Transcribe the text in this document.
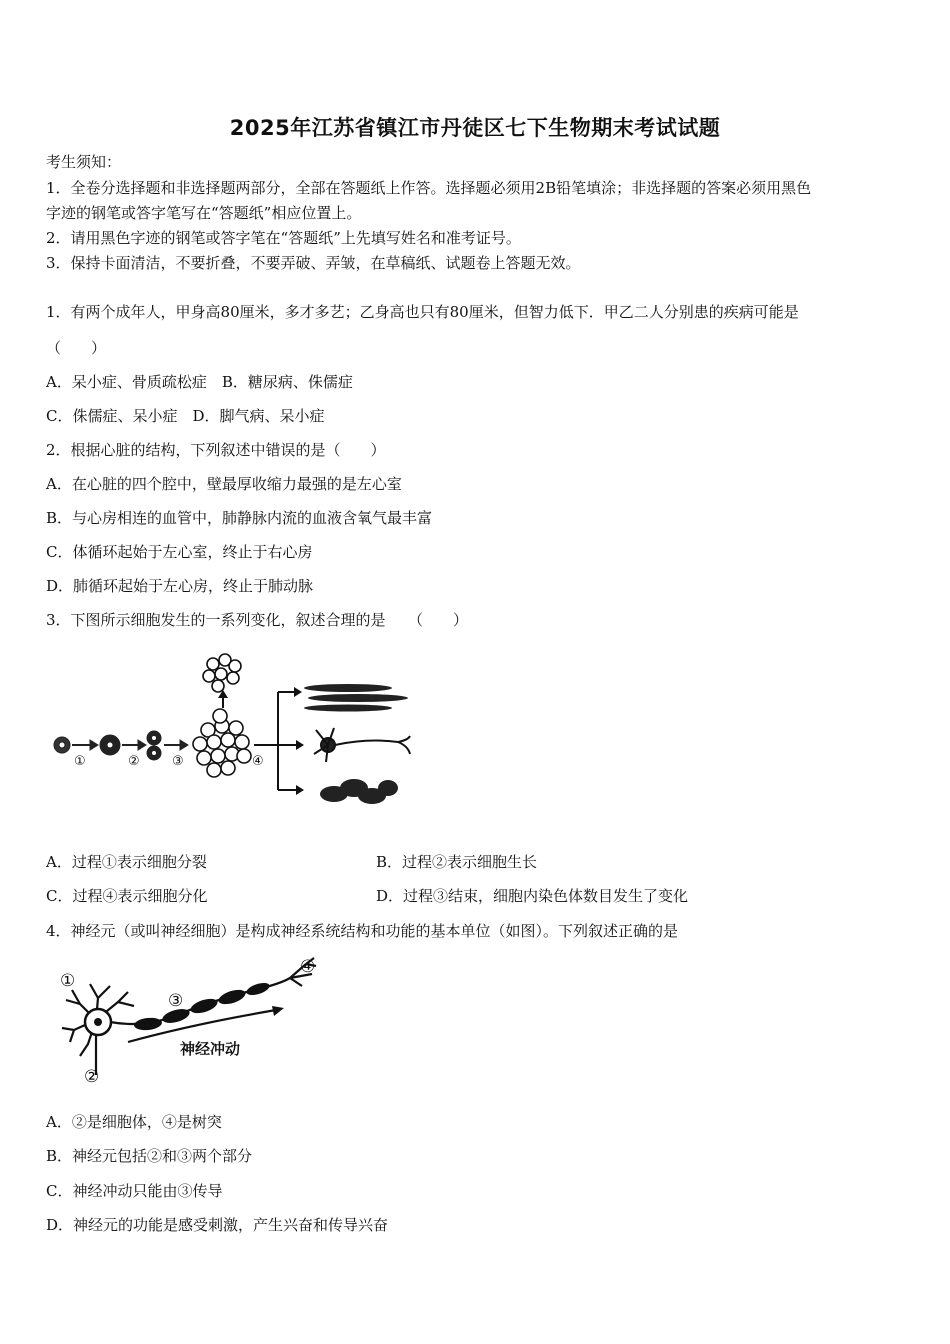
2025年江苏省镇江市丹徒区七下生物期末考试试题
考生须知：
1．全卷分选择题和非选择题两部分，全部在答题纸上作答。选择题必须用2B铅笔填涂；非选择题的答案必须用黑色
字迹的钢笔或答字笔写在“答题纸”相应位置上。
2．请用黑色字迹的钢笔或答字笔在“答题纸”上先填写姓名和准考证号。
3．保持卡面清洁，不要折叠，不要弄破、弄皱，在草稿纸、试题卷上答题无效。
1．有两个成年人，甲身高80厘米，多才多艺；乙身高也只有80厘米，但智力低下．甲乙二人分别患的疾病可能是
（　　）
A．呆小症、骨质疏松症　B．糖尿病、侏儒症
C．侏儒症、呆小症　D．脚气病、呆小症
2．根据心脏的结构，下列叙述中错误的是（　　）
A．在心脏的四个腔中，壁最厚收缩力最强的是左心室
B．与心房相连的血管中，肺静脉内流的血液含氧气最丰富
C．体循环起始于左心室，终止于右心房
D．肺循环起始于左心房，终止于肺动脉
3．下图所示细胞发生的一系列变化，叙述合理的是　　（　　）
①	② ③	④
A．过程①表示细胞分裂	B．过程②表示细胞生长
C．过程④表示细胞分化	D．过程③结束，细胞内染色体数目发生了变化
4．神经元（或叫神经细胞）是构成神经系统结构和功能的基本单位（如图）。下列叙述正确的是
①
②
③
④
神经冲动
A．②是细胞体，④是树突
B．神经元包括②和③两个部分
C．神经冲动只能由③传导
D．神经元的功能是感受刺激，产生兴奋和传导兴奋
